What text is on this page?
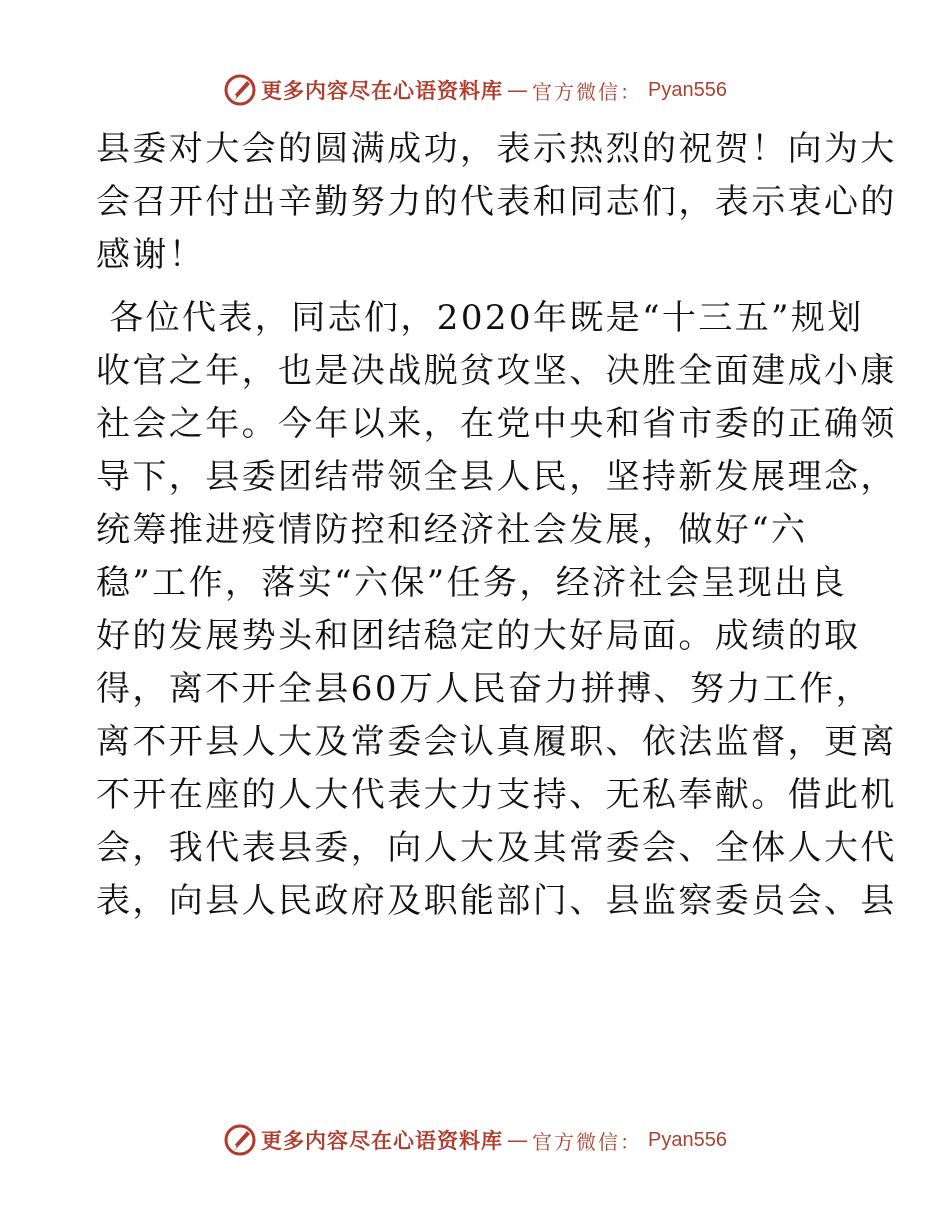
更多内容尽在心语资料库 — 官方微信： Pyan556

县委对大会的圆满成功，表示热烈的祝贺！向为大

会召开付出辛勤努力的代表和同志们，表示衷心的

感谢！

各位代表，同志们，2020年既是“十三五”规划

收官之年，也是决战脱贫攻坚、决胜全面建成小康

社会之年。今年以来，在党中央和省市委的正确领

导下，县委团结带领全县人民，坚持新发展理念，

统筹推进疫情防控和经济社会发展，做好“六

稳”工作，落实“六保”任务，经济社会呈现出良

好的发展势头和团结稳定的大好局面。成绩的取

得，离不开全县60万人民奋力拼搏、努力工作，

离不开县人大及常委会认真履职、依法监督，更离

不开在座的人大代表大力支持、无私奉献。借此机

会，我代表县委，向人大及其常委会、全体人大代

表，向县人民政府及职能部门、县监察委员会、县

更多内容尽在心语资料库 — 官方微信： Pyan556
